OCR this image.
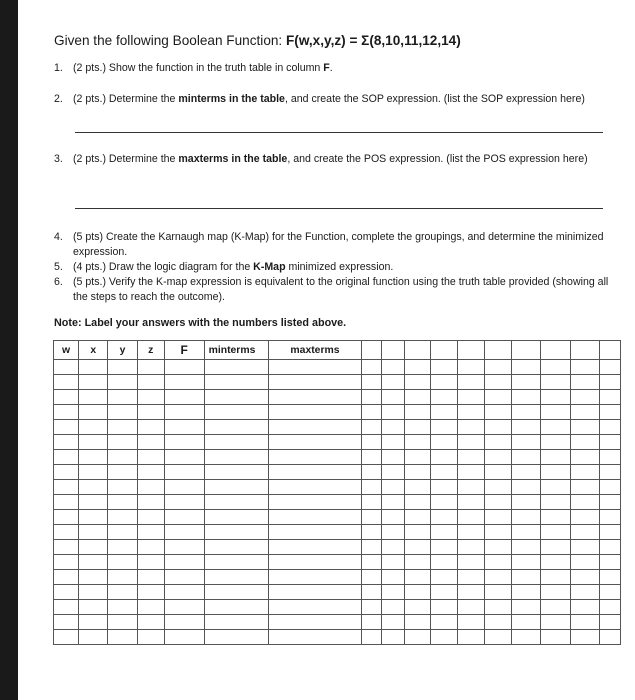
Given the following Boolean Function: F(w,x,y,z) = Σ(8,10,11,12,14)
1. (2 pts.) Show the function in the truth table in column F.
2. (2 pts.) Determine the minterms in the table, and create the SOP expression. (list the SOP expression here)
3. (2 pts.) Determine the maxterms in the table, and create the POS expression. (list the POS expression here)
4. (5 pts) Create the Karnaugh map (K-Map) for the Function, complete the groupings, and determine the minimized expression.
5. (4 pts.) Draw the logic diagram for the K-Map minimized expression.
6. (5 pts.) Verify the K-map expression is equivalent to the original function using the truth table provided (showing all the steps to reach the outcome).
Note: Label your answers with the numbers listed above.
w	x	y	z	F	minterms	maxterms										
